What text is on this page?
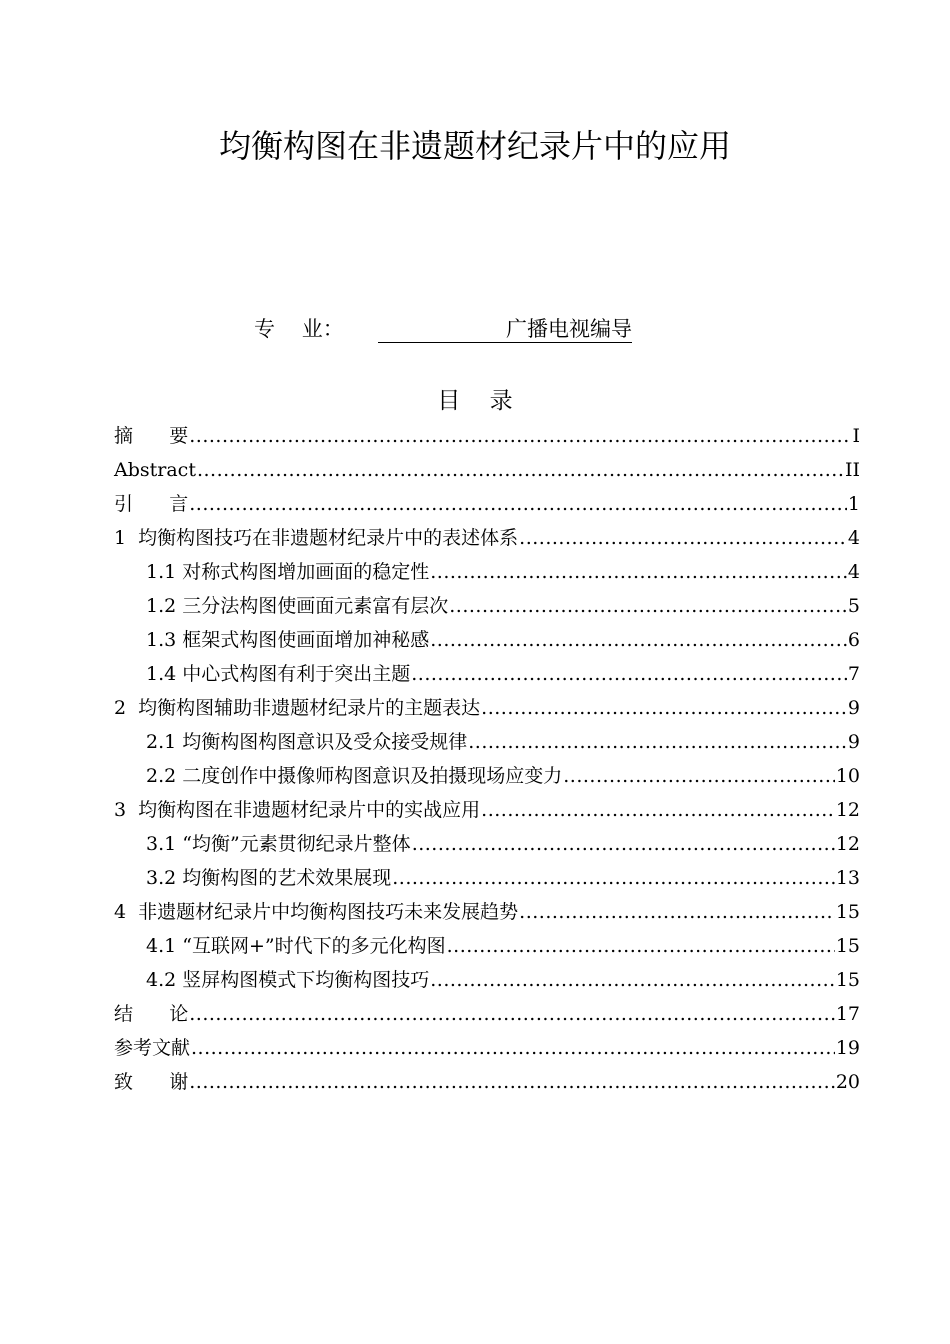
均衡构图在非遗题材纪录片中的应用
专    业：	广播电视编导
目    录
摘      要 .....	I
Abstract .....	II
引      言 .....	1
1  均衡构图技巧在非遗题材纪录片中的表述体系 .....	4
1.1 对称式构图增加画面的稳定性 .....	4
1.2 三分法构图使画面元素富有层次 .....	5
1.3 框架式构图使画面增加神秘感 .....	6
1.4 中心式构图有利于突出主题 .....	7
2  均衡构图辅助非遗题材纪录片的主题表达 .....	9
2.1 均衡构图构图意识及受众接受规律 .....	9
2.2 二度创作中摄像师构图意识及拍摄现场应变力 .....	10
3  均衡构图在非遗题材纪录片中的实战应用 .....	12
3.1 “均衡”元素贯彻纪录片整体 .....	12
3.2 均衡构图的艺术效果展现 .....	13
4  非遗题材纪录片中均衡构图技巧未来发展趋势 .....	15
4.1 “互联网+”时代下的多元化构图 .....	15
4.2 竖屏构图模式下均衡构图技巧 .....	15
结      论 .....	17
参考文献 .....	19
致      谢 .....	20
